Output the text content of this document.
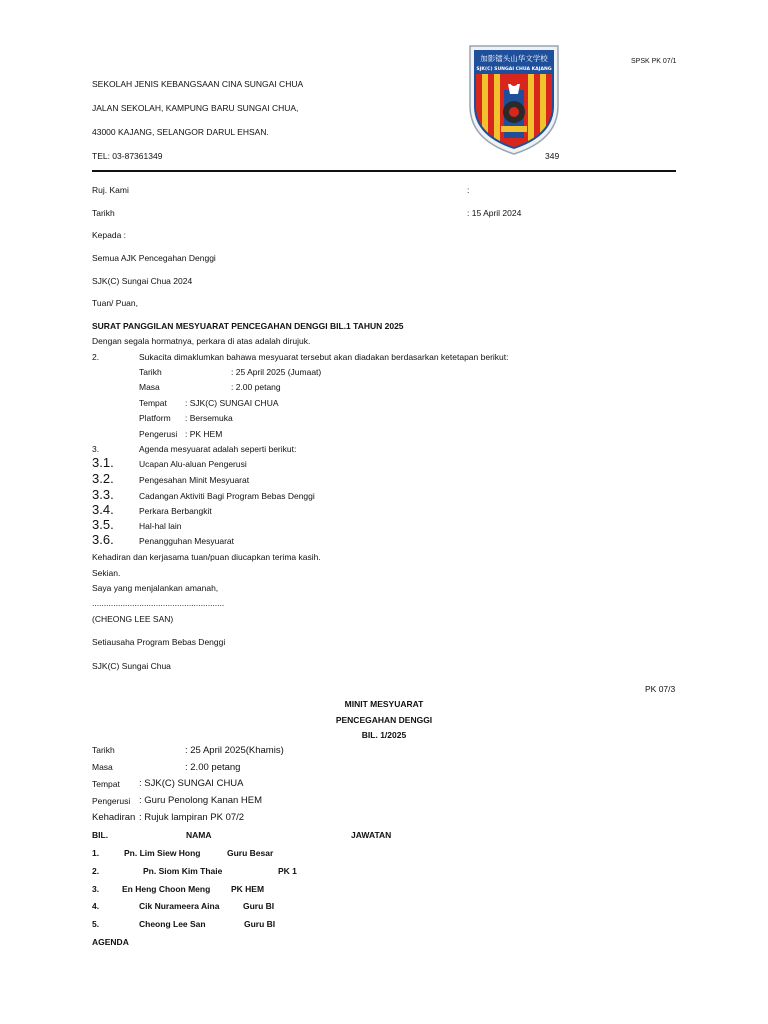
SPSK PK 07/1
SEKOLAH JENIS KEBANGSAAN CINA SUNGAI CHUA
JALAN SEKOLAH, KAMPUNG BARU SUNGAI CHUA,
43000 KAJANG, SELANGOR DARUL EHSAN.
TEL: 03-87361349	349
加影镭头山华文学校
SJK(C) SUNGAI CHUA KAJANG
Ruj. Kami	:
Tarikh	: 15 April 2024
Kepada :
Semua AJK Pencegahan Denggi
SJK(C) Sungai Chua 2024
Tuan/ Puan,
SURAT PANGGILAN MESYUARAT PENCEGAHAN DENGGI BIL.1 TAHUN 2025
Dengan segala hormatnya, perkara di atas adalah dirujuk.
2.	Sukacita dimaklumkan bahawa mesyuarat tersebut akan diadakan berdasarkan ketetapan berikut:
Tarikh	: 25 April 2025 (Jumaat)
Masa	: 2.00 petang
Tempat : SJK(C) SUNGAI CHUA
Platform : Bersemuka
Pengerusi : PK HEM
3.	Agenda mesyuarat adalah seperti berikut:
3.1.	Ucapan Alu-aluan Pengerusi
3.2.	Pengesahan Minit Mesyuarat
3.3.	Cadangan Aktiviti Bagi Program Bebas Denggi
3.4.	Perkara Berbangkit
3.5.	Hal-hal lain
3.6.	Penangguhan Mesyuarat
Kehadiran dan kerjasama tuan/puan diucapkan terima kasih.
Sekian.
Saya yang menjalankan amanah,
........................................................
(CHEONG LEE SAN)
Setiausaha Program Bebas Denggi
SJK(C) Sungai Chua
PK 07/3
MINIT MESYUARAT
PENCEGAHAN DENGGI
BIL. 1/2025
Tarikh	: 25 April 2025(Khamis)
Masa	: 2.00 petang
Tempat : SJK(C) SUNGAI CHUA
Pengerusi : Guru Penolong Kanan HEM
Kehadiran : Rujuk lampiran PK 07/2
BIL.	NAMA	JAWATAN
1.	Pn. Lim Siew Hong	Guru Besar
2.	Pn. Siom Kim Thaie	PK 1
3.	En Heng Choon Meng PK HEM
4.	Cik Nurameera Aina	Guru BI
5.	Cheong Lee San	Guru BI
AGENDA
